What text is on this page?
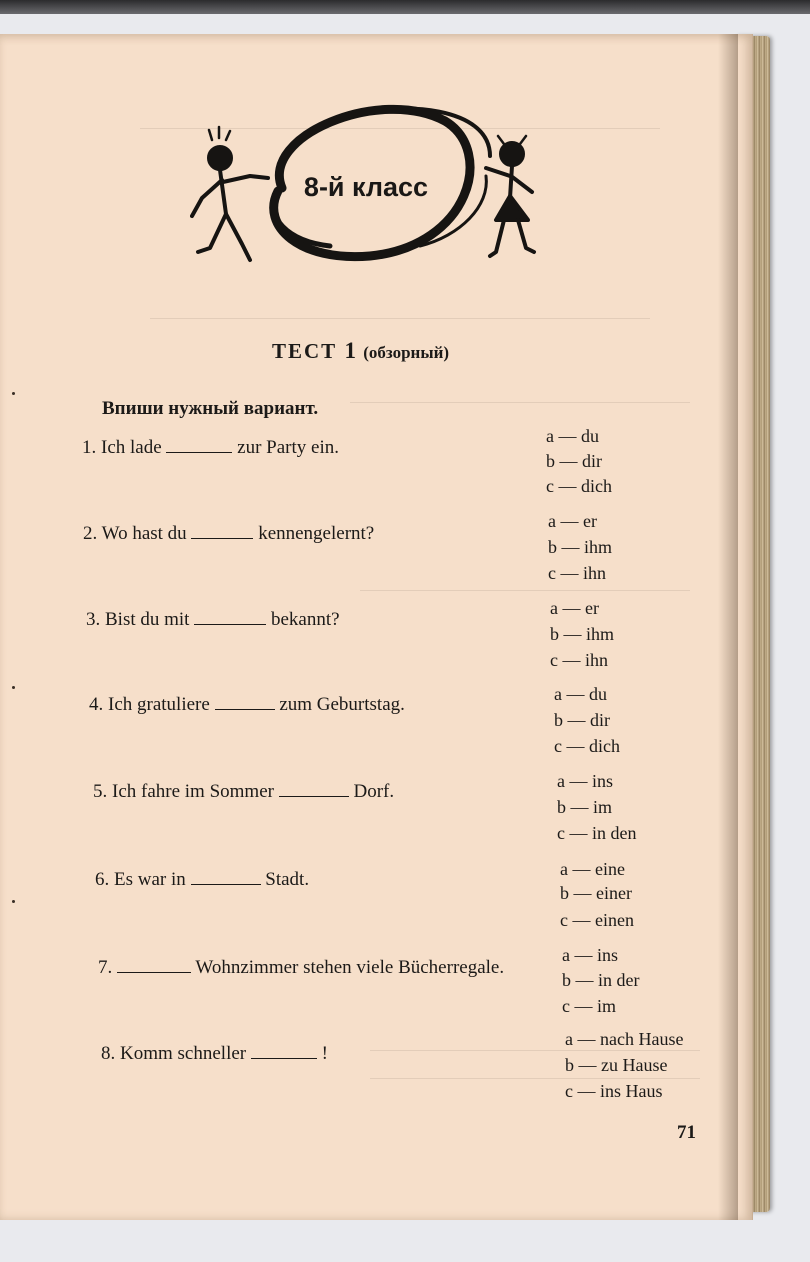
8-й класс
ТЕСТ 1 (обзорный)
Впиши нужный вариант.
1. Ich lade	zur Party ein.
a — du
b — dir
c — dich
2. Wo hast du	kennengelernt?
a — er
b — ihm
c — ihn
3. Bist du mit	bekannt?
a — er
b — ihm
c — ihn
4. Ich gratuliere	zum Geburtstag.	a — du
b — dir
c — dich
5. Ich fahre im Sommer	Dorf.	a — ins
b — im
c — in den
6. Es war in	Stadt.	a — eine
b — einer
c — einen
7.	Wohnzimmer stehen viele Bücherregale.
a — ins
b — in der
c — im
8. Komm schneller	!
a — nach Hause
b — zu Hause
c — ins Haus
71
